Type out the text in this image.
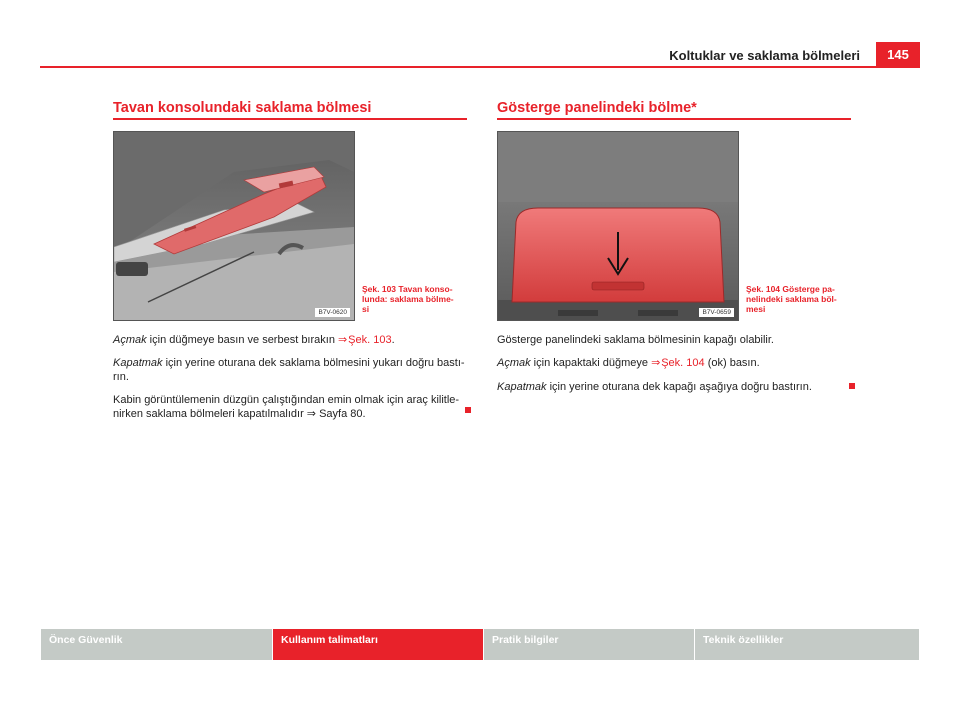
Koltuklar ve saklama bölmeleri	145
Tavan konsolundaki saklama bölmesi
B7V-0620
Şek. 103 Tavan konso-
lunda: saklama bölme-
si
Açmak için düğmeye basın ve serbest bırakın ⇒ Şek. 103.
Kapatmak için yerine oturana dek saklama bölmesini yukarı doğru bastı-
rın.
Kabin görüntülemenin düzgün çalıştığından emin olmak için araç kilitle-
nirken saklama bölmeleri kapatılmalıdır ⇒ Sayfa 80.
Gösterge panelindeki bölme*
B7V-0659
Şek. 104 Gösterge pa-
nelindeki saklama böl-
mesi
Gösterge panelindeki saklama bölmesinin kapağı olabilir.
Açmak için kapaktaki düğmeye ⇒ Şek. 104 (ok) basın.
Kapatmak için yerine oturana dek kapağı aşağıya doğru bastırın.
Önce Güvenlik	Kullanım talimatları	Pratik bilgiler	Teknik özellikler
